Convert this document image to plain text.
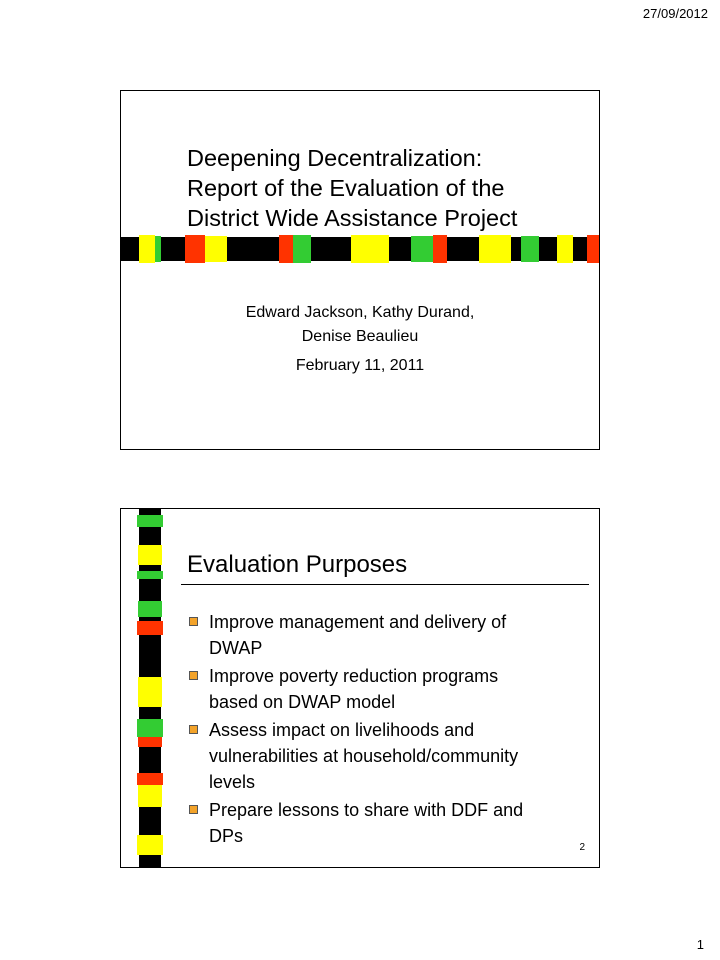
27/09/2012
Deepening Decentralization:
Report of the Evaluation of the
District Wide Assistance Project
Edward Jackson, Kathy Durand,
Denise Beaulieu
February 11, 2011
Evaluation Purposes
Improve management and delivery of
DWAP
Improve poverty reduction programs
based on DWAP model
Assess impact on livelihoods and
vulnerabilities at household/community
levels
Prepare lessons to share with DDF and
DPs
2
1
